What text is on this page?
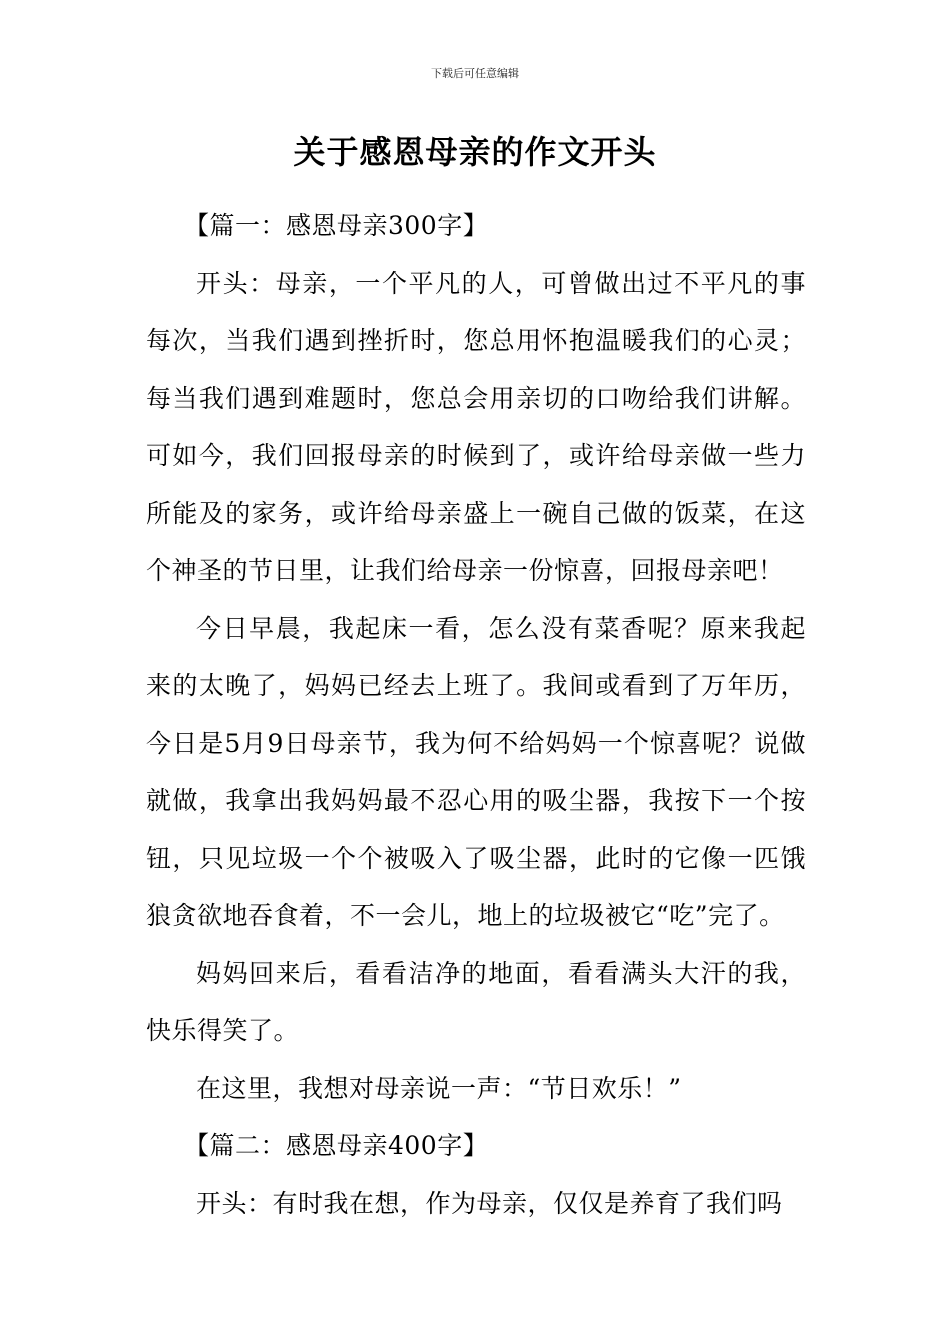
下载后可任意编辑
关于感恩母亲的作文开头

【篇一：感恩母亲300字】

开头：母亲，一个平凡的人，可曾做出过不平凡的事每次，当我们遇到挫折时，您总用怀抱温暖我们的心灵；每当我们遇到难题时，您总会用亲切的口吻给我们讲解。可如今，我们回报母亲的时候到了，或许给母亲做一些力所能及的家务，或许给母亲盛上一碗自己做的饭菜，在这个神圣的节日里，让我们给母亲一份惊喜，回报母亲吧！

今日早晨，我起床一看，怎么没有菜香呢？原来我起来的太晚了，妈妈已经去上班了。我间或看到了万年历，今日是5月9日母亲节，我为何不给妈妈一个惊喜呢？说做就做，我拿出我妈妈最不忍心用的吸尘器，我按下一个按钮，只见垃圾一个个被吸入了吸尘器，此时的它像一匹饿狼贪欲地吞食着，不一会儿，地上的垃圾被它“吃”完了。

妈妈回来后，看看洁净的地面，看看满头大汗的我，快乐得笑了。

在这里，我想对母亲说一声：“节日欢乐！”

【篇二：感恩母亲400字】

开头：有时我在想，作为母亲，仅仅是养育了我们吗
